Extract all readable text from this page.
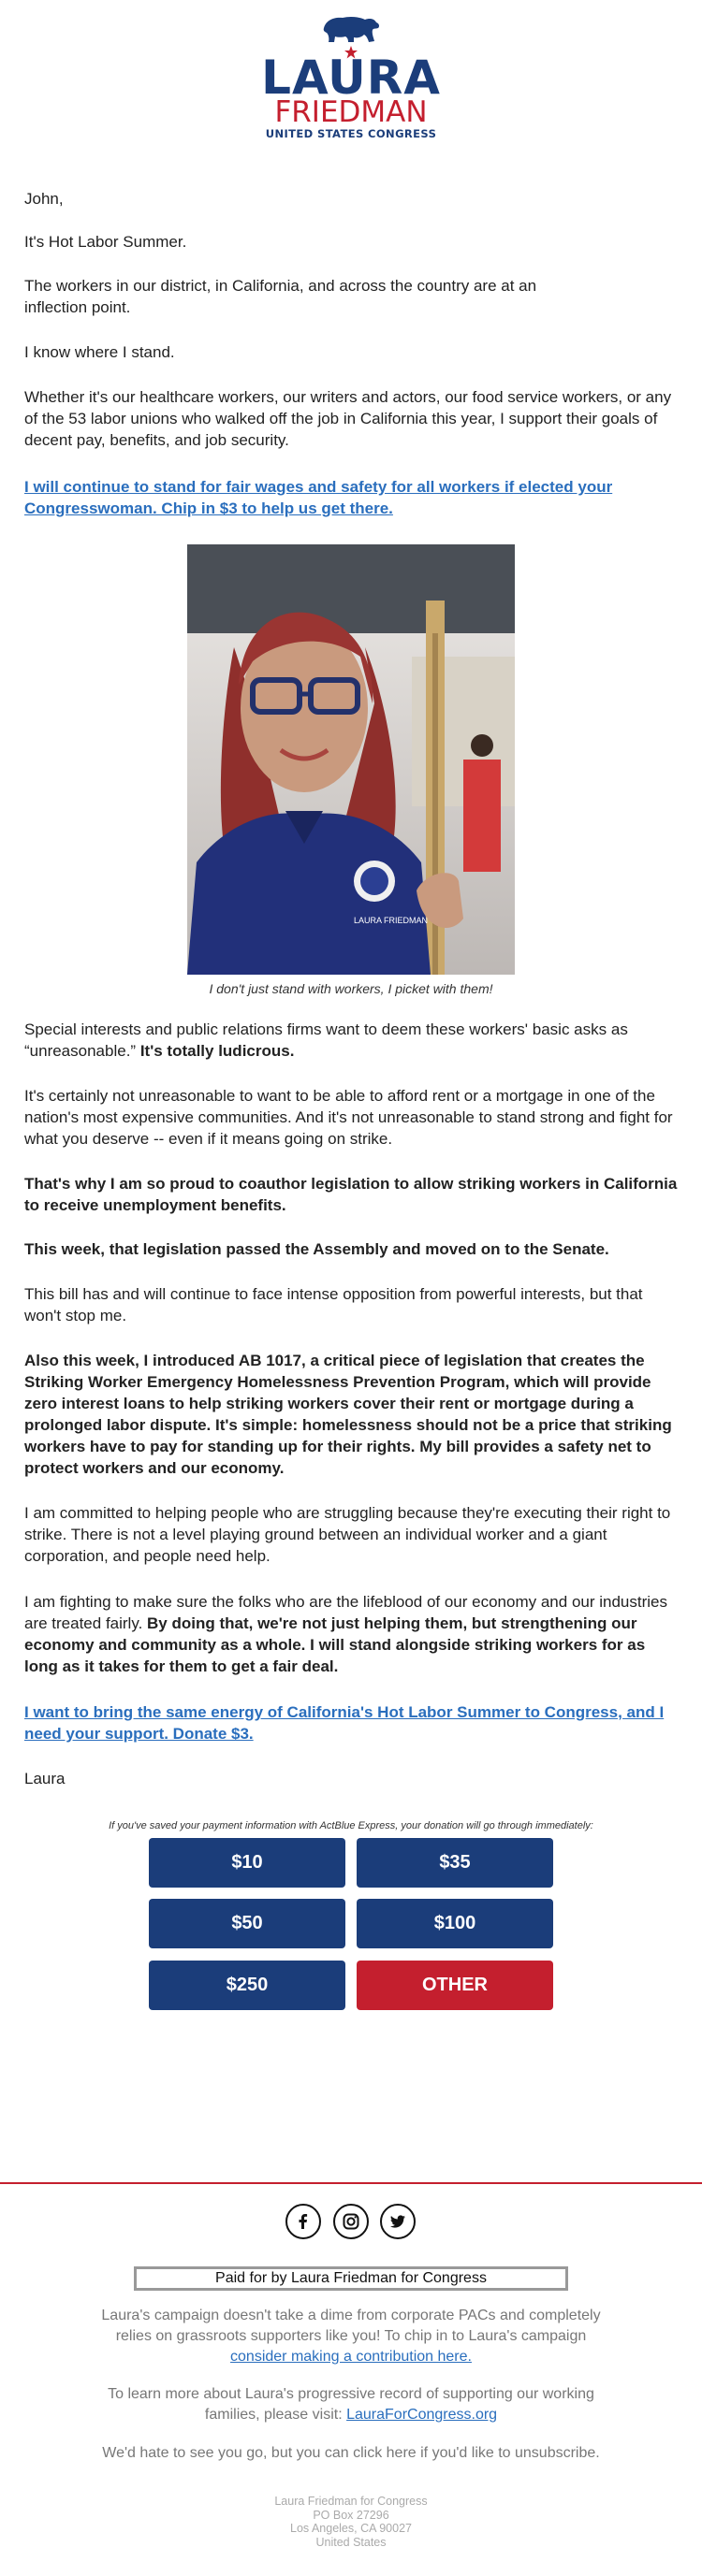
LAURA
FRIEDMAN
UNITED STATES CONGRESS

John,

It's Hot Labor Summer.

The workers in our district, in California, and across the country are at an inflection point.

I know where I stand.

Whether it's our healthcare workers, our writers and actors, our food service workers, or any of the 53 labor unions who walked off the job in California this year, I support their goals of decent pay, benefits, and job security.

I will continue to stand for fair wages and safety for all workers if elected your Congresswoman. Chip in $3 to help us get there.

LAURA FRIEDMAN

I don't just stand with workers, I picket with them!

Special interests and public relations firms want to deem these workers' basic asks as “unreasonable.” It's totally ludicrous.

It's certainly not unreasonable to want to be able to afford rent or a mortgage in one of the nation's most expensive communities. And it's not unreasonable to stand strong and fight for what you deserve -- even if it means going on strike.

That's why I am so proud to coauthor legislation to allow striking workers in California to receive unemployment benefits.

This week, that legislation passed the Assembly and moved on to the Senate.

This bill has and will continue to face intense opposition from powerful interests, but that won't stop me.

Also this week, I introduced AB 1017, a critical piece of legislation that creates the Striking Worker Emergency Homelessness Prevention Program, which will provide zero interest loans to help striking workers cover their rent or mortgage during a prolonged labor dispute. It's simple: homelessness should not be a price that striking workers have to pay for standing up for their rights. My bill provides a safety net to protect workers and our economy.

I am committed to helping people who are struggling because they're executing their right to strike. There is not a level playing ground between an individual worker and a giant corporation, and people need help.

I am fighting to make sure the folks who are the lifeblood of our economy and our industries are treated fairly. By doing that, we're not just helping them, but strengthening our economy and community as a whole. I will stand alongside striking workers for as long as it takes for them to get a fair deal.

I want to bring the same energy of California's Hot Labor Summer to Congress, and I need your support. Donate $3.

Laura

If you've saved your payment information with ActBlue Express, your donation will go through immediately:

$10	$35
$50	$100
$250	OTHER
Paid for by Laura Friedman for Congress
Laura's campaign doesn't take a dime from corporate PACs and completely relies on grassroots supporters like you! To chip in to Laura's campaign
consider making a contribution here.
To learn more about Laura's progressive record of supporting our working families, please visit: LauraForCongress.org
We'd hate to see you go, but you can click here if you'd like to unsubscribe.
Laura Friedman for Congress
PO Box 27296
Los Angeles, CA 90027
United States
